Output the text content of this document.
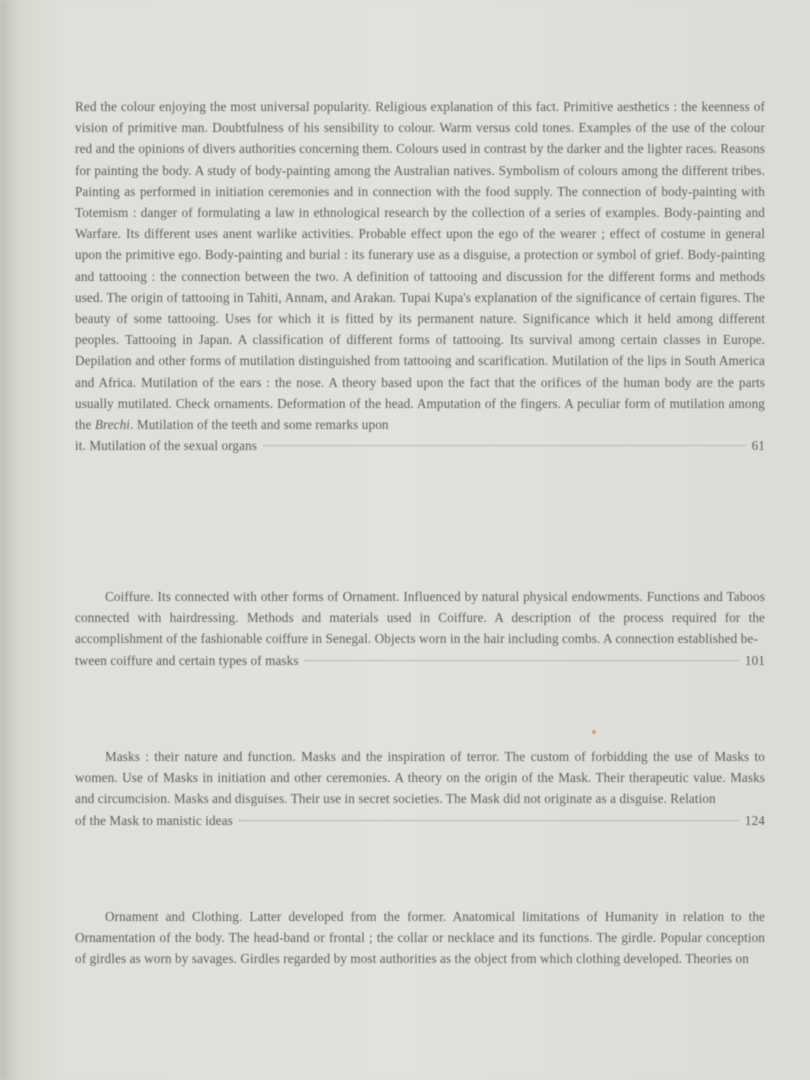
Red the colour enjoying the most universal popularity. Religious explanation of this fact. Primitive aesthetics : the keenness of vision of primitive man. Doubtfulness of his sensibility to colour. Warm versus cold tones. Examples of the use of the colour red and the opinions of divers authorities concerning them. Colours used in contrast by the darker and the lighter races. Reasons for painting the body. A study of body-painting among the Australian natives. Symbolism of colours among the different tribes. Painting as performed in initiation ceremonies and in connection with the food supply. The connection of body-painting with Totemism : danger of formulating a law in ethnological research by the collection of a series of examples. Body-painting and Warfare. Its different uses anent warlike activities. Probable effect upon the ego of the wearer ; effect of costume in general upon the primitive ego. Body-painting and burial : its funerary use as a disguise, a protection or symbol of grief. Body-painting and tattooing : the connection between the two. A definition of tattooing and discussion for the different forms and methods used. The origin of tattooing in Tahiti, Annam, and Arakan. Tupai Kupa's explanation of the significance of certain figures. The beauty of some tattooing. Uses for which it is fitted by its permanent nature. Significance which it held among different peoples. Tattooing in Japan. A classification of different forms of tattooing. Its survival among certain classes in Europe. Depilation and other forms of mutilation distinguished from tattooing and scarification. Mutilation of the lips in South America and Africa. Mutilation of the ears : the nose. A theory based upon the fact that the orifices of the human body are the parts usually mutilated. Check ornaments. Deformation of the head. Amputation of the fingers. A peculiar form of mutilation among the Brechi. Mutilation of the teeth and some remarks upon

it. Mutilation of the sexual organs	61

Coiffure. Its connected with other forms of Ornament. Influenced by natural physical endowments. Functions and Taboos connected with hairdressing. Methods and materials used in Coiffure. A description of the process required for the accomplishment of the fashionable coiffure in Senegal. Objects worn in the hair including combs. A connection established be-

tween coiffure and certain types of masks	101

Masks : their nature and function. Masks and the inspiration of terror. The custom of forbidding the use of Masks to women. Use of Masks in initiation and other ceremonies. A theory on the origin of the Mask. Their therapeutic value. Masks and circumcision. Masks and disguises. Their use in secret societies. The Mask did not originate as a disguise. Relation

of the Mask to manistic ideas	124

Ornament and Clothing. Latter developed from the former. Anatomical limitations of Humanity in relation to the Ornamentation of the body. The head-band or frontal ; the collar or necklace and its functions. The girdle. Popular conception of girdles as worn by savages. Girdles regarded by most authorities as the object from which clothing developed. Theories on
